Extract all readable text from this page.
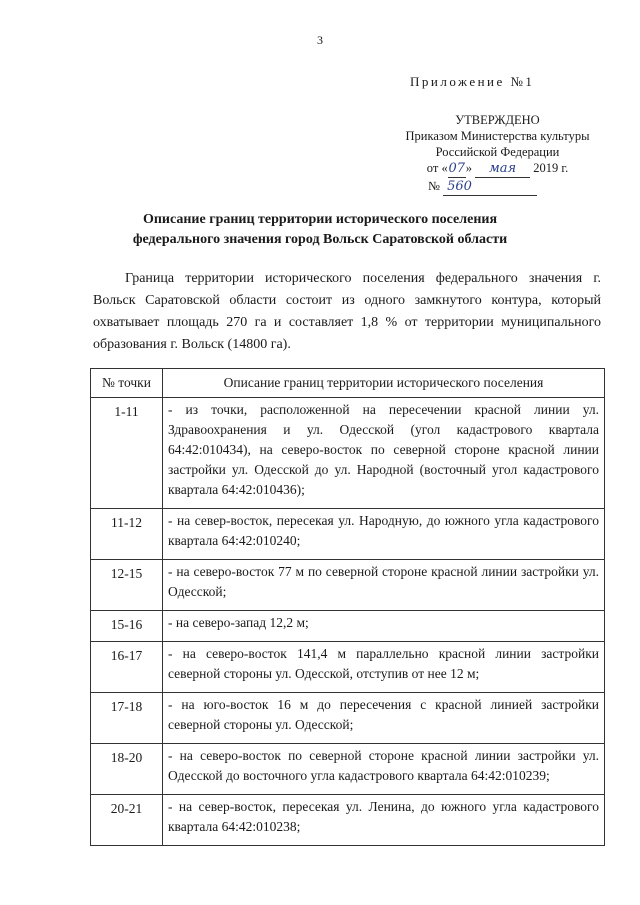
3
Приложение №1
УТВЕРЖДЕНО
Приказом Министерства культуры
Российской Федерации
от «07» мая 2019 г.
№ 560
Описание границ территории исторического поселения
федерального значения город Вольск Саратовской области

Граница территории исторического поселения федерального значения г. Вольск Саратовской области состоит из одного замкнутого контура, который охватывает площадь 270 га и составляет 1,8 % от территории муниципального образования г. Вольск (14800 га).

№ точки	Описание границ территории исторического поселения
1-11	- из точки, расположенной на пересечении красной линии ул. Здравоохранения и ул. Одесской (угол кадастрового квартала 64:42:010434), на северо-восток по северной стороне красной линии застройки ул. Одесской до ул. Народной (восточный угол кадастрового квартала 64:42:010436);
11-12	- на север-восток, пересекая ул. Народную, до южного угла кадастрового квартала 64:42:010240;
12-15	- на северо-восток 77 м по северной стороне красной линии застройки ул. Одесской;
15-16	- на северо-запад 12,2 м;
16-17	- на северо-восток 141,4 м параллельно красной линии застройки северной стороны ул. Одесской, отступив от нее 12 м;
17-18	- на юго-восток 16 м до пересечения с красной линией застройки северной стороны ул. Одесской;
18-20	- на северо-восток по северной стороне красной линии застройки ул. Одесской до восточного угла кадастрового квартала 64:42:010239;
20-21	- на север-восток, пересекая ул. Ленина, до южного угла кадастрового квартала 64:42:010238;
